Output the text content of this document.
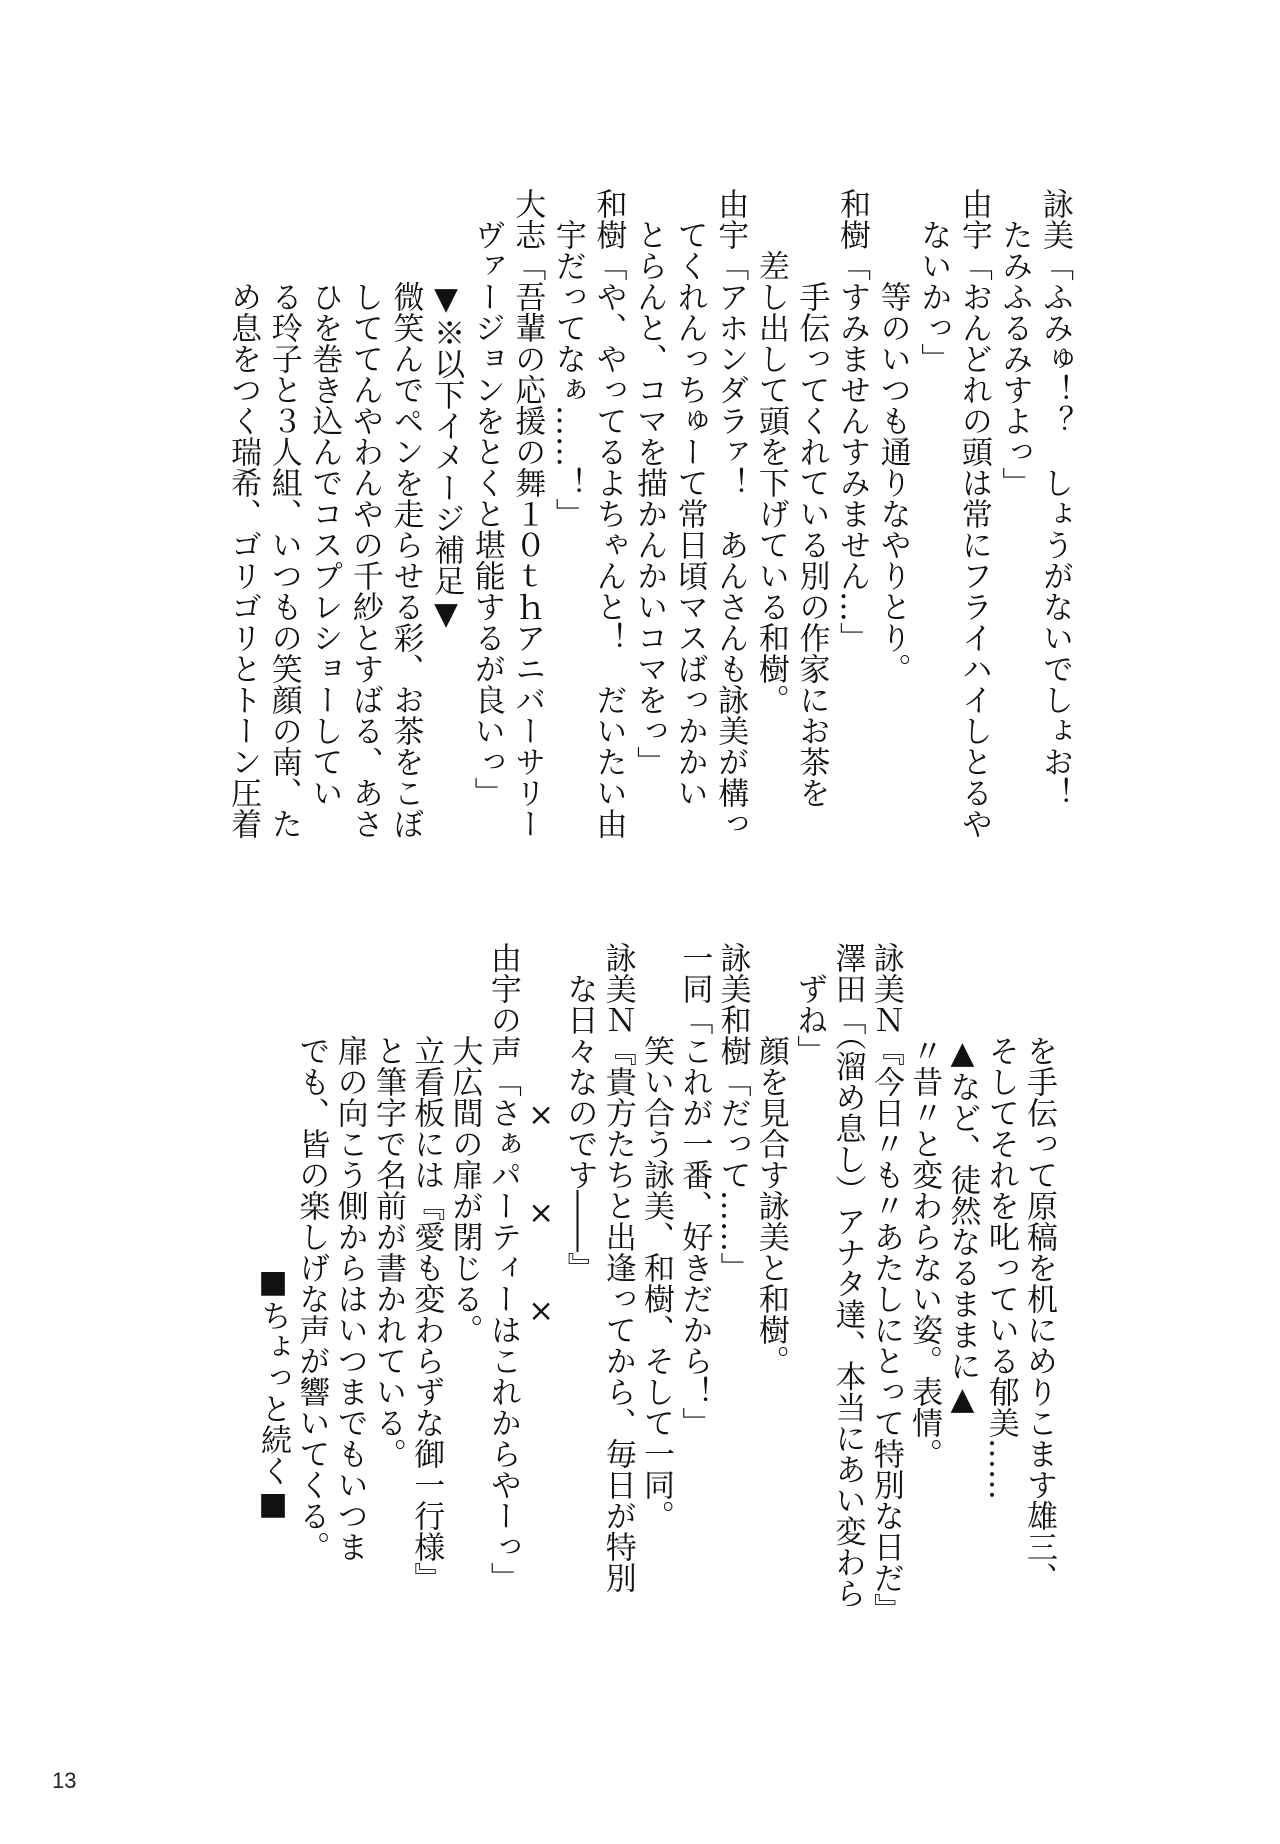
詠美「ふみゅ！？　しょうがないでしょお！
　たみふるみすよっ」
由宇「おんどれの頭は常にフライハイしとるや
　ないかっ」
　　　等のいつも通りなやりとり。
和樹「すみませんすみません…」
　　　手伝ってくれている別の作家にお茶を
　　差し出して頭を下げている和樹。
由宇「アホンダラァ！　あんさんも詠美が構っ
　てくれんっちゅーて常日頃マスばっかかい
　とらんと、コマを描かんかいコマをっ」
和樹「や、やってるよちゃんと！　だいたい由
　宇だってなぁ……！」
大志「吾輩の応援の舞１０ｔｈアニバーサリー
　ヴァージョンをとくと堪能するが良いっ」
　　　▼※以下イメージ補足▼
　　　微笑んでペンを走らせる彩、お茶をこぼ
　　　しててんやわんやの千紗とすばる、あさ
　　　ひを巻き込んでコスプレショーしてい
　　　る玲子と３人組、いつもの笑顔の南、た
　　　め息をつく瑞希、ゴリゴリとトーン圧着
　　　を手伝って原稿を机にめりこます雄三、
　　　そしてそれを叱っている郁美……
　　　▲など、徒然なるままに▲
　　　〃昔〃と変わらない姿。表情。
詠美Ｎ『今日〃も〃あたしにとって特別な日だ』
澤田「（溜め息し）アナタ達、本当にあい変わら
　ずね」
　　　顔を見合す詠美と和樹。
詠美和樹「だって……」
一同「これが一番、好きだから！」
　　　笑い合う詠美、和樹、そして一同。
詠美Ｎ『貴方たちと出逢ってから、毎日が特別
　な日々なのです――』
　　　　　×　　×　　×
由宇の声「さぁパーティーはこれからやーっ」
　　　大広間の扉が閉じる。
　　　立看板には『愛も変わらずな御一行様』
　　　と筆字で名前が書かれている。
　　　扉の向こう側からはいつまでもいつま
　　　でも、皆の楽しげな声が響いてくる。
■ちょっと続く■
13
